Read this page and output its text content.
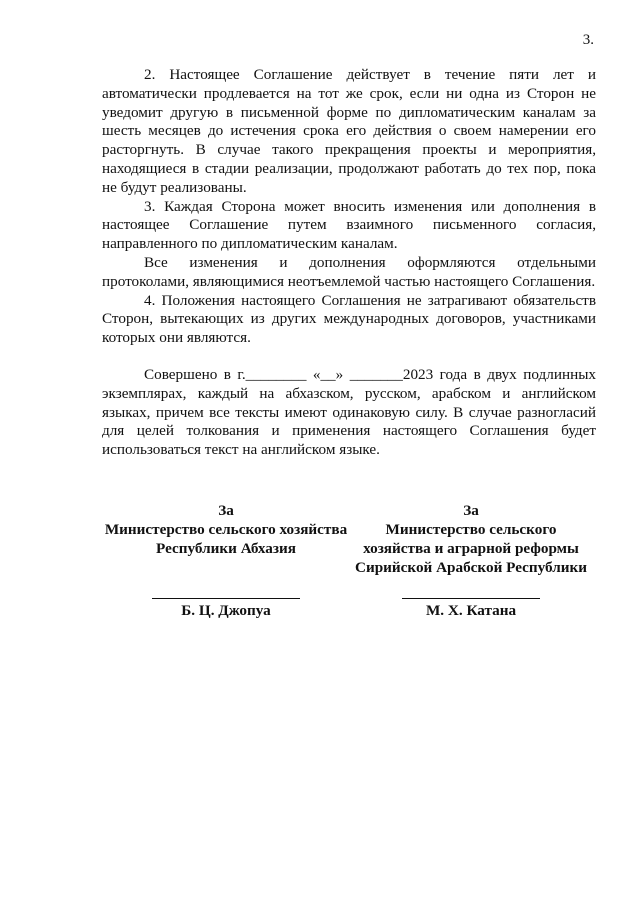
3.

2. Настоящее Соглашение действует в течение пяти лет и автоматически продлевается на тот же срок, если ни одна из Сторон не уведомит другую в письменной форме по дипломатическим каналам за шесть месяцев до истечения срока его действия о своем намерении его расторгнуть. В случае такого прекращения проекты и мероприятия, находящиеся в стадии реализации, продолжают работать до тех пор, пока не будут реализованы.

3. Каждая Сторона может вносить изменения или дополнения в настоящее Соглашение путем взаимного письменного согласия, направленного по дипломатическим каналам.

Все изменения и дополнения оформляются отдельными протоколами, являющимися неотъемлемой частью настоящего Соглашения.

4. Положения настоящего Соглашения не затрагивают обязательств Сторон, вытекающих из других международных договоров, участниками которых они являются.

Совершено в г.________ «__» _______2023 года в двух подлинных экземплярах, каждый на абхазском, русском, арабском и английском языках, причем все тексты имеют одинаковую силу. В случае разногласий для целей толкования и применения настоящего Соглашения будет использоваться текст на английском языке.

За
Министерство сельского хозяйства
Республики Абхазия
Б. Ц. Джопуа
За
Министерство сельского
хозяйства и аграрной реформы
Сирийской Арабской Республики
М. Х. Катана
